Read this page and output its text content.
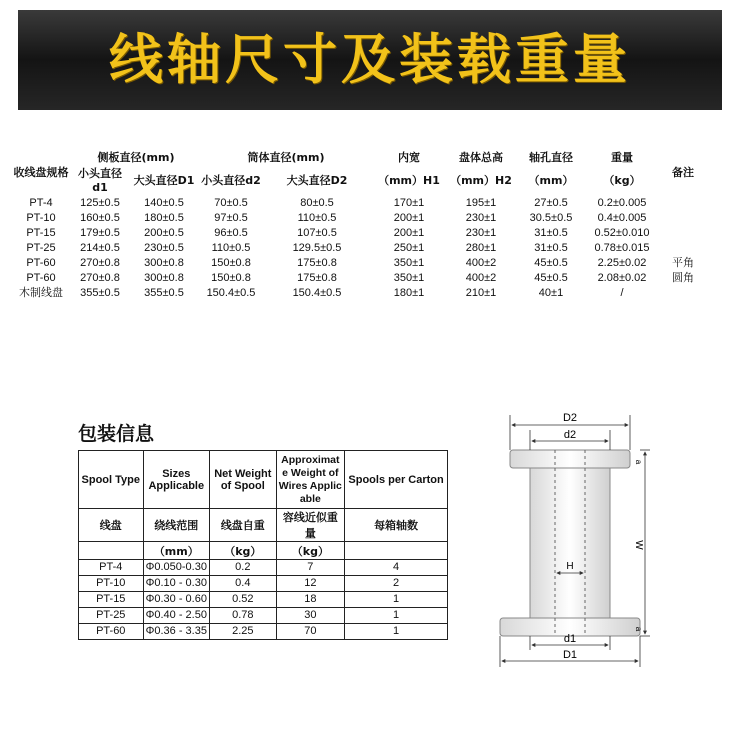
线轴尺寸及装载重量
收线盘规格	侧板直径(mm)		筒体直径(mm)		内宽	盘体总高	轴孔直径	重量	备注
	小头直径d1	大头直径D1	小头直径d2	大头直径D2	（mm）H1	（mm）H2	（mm）	（kg）	
PT-4	125±0.5	140±0.5	70±0.5	80±0.5	170±1	195±1	27±0.5	0.2±0.005	
PT-10	160±0.5	180±0.5	97±0.5	110±0.5	200±1	230±1	30.5±0.5	0.4±0.005	
PT-15	179±0.5	200±0.5	96±0.5	107±0.5	200±1	230±1	31±0.5	0.52±0.010	
PT-25	214±0.5	230±0.5	110±0.5	129.5±0.5	250±1	280±1	31±0.5	0.78±0.015	
PT-60	270±0.8	300±0.8	150±0.8	175±0.8	350±1	400±2	45±0.5	2.25±0.02	平角
PT-60	270±0.8	300±0.8	150±0.8	175±0.8	350±1	400±2	45±0.5	2.08±0.02	圆角
木制线盘	355±0.5	355±0.5	150.4±0.5	150.4±0.5	180±1	210±1	40±1	/	
包装信息
Spool Type	Sizes Applicable	Net Weight of Spool	Approximate Weight of Wires Applicable	Spools per Carton
线盘	绕线范围	线盘自重	容线近似重量	每箱轴数
	（mm）	（kg）	（kg）	
PT-4	Φ0.050-0.30	0.2	7	4
PT-10	Φ0.10 - 0.30	0.4	12	2
PT-15	Φ0.30 - 0.60	0.52	18	1
PT-25	Φ0.40 - 2.50	0.78	30	1
PT-60	Φ0.36 - 3.35	2.25	70	1
D2
d2
H
d1
D1
W
a
a
